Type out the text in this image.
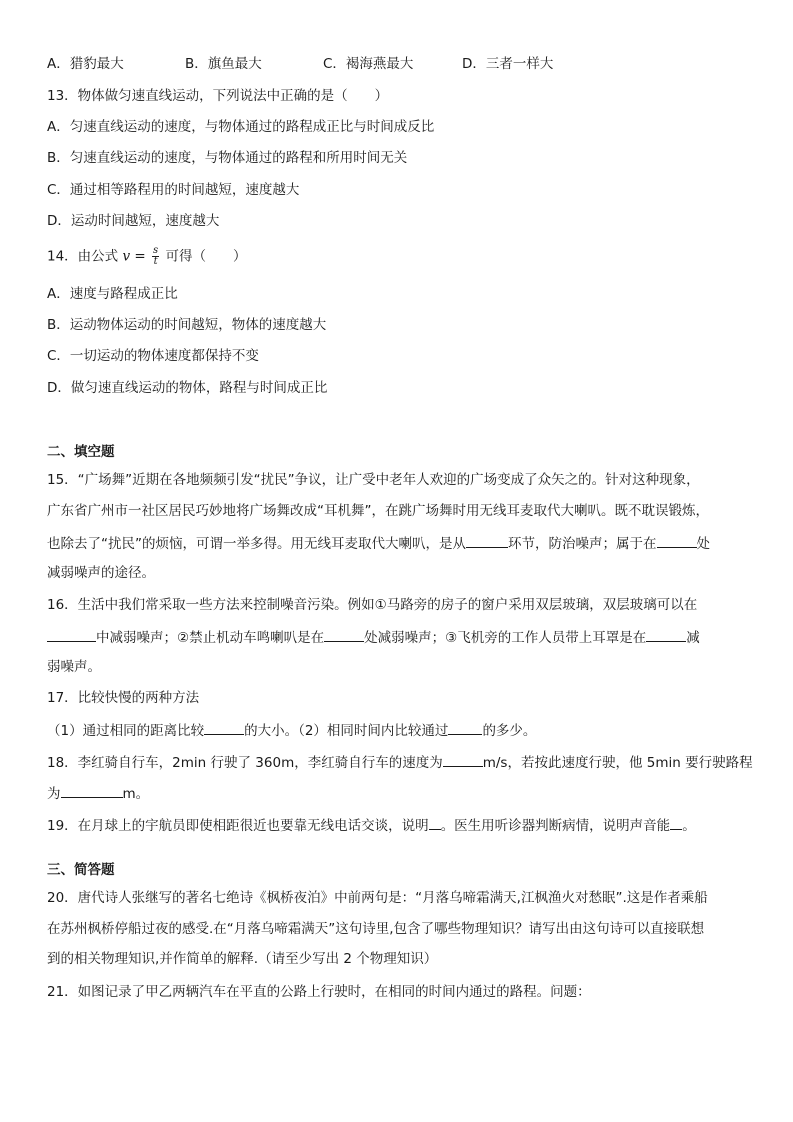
A．猎豹最大	B．旗鱼最大	C．褐海燕最大	D．三者一样大
13．物体做匀速直线运动，下列说法中正确的是（　　）
A．匀速直线运动的速度，与物体通过的路程成正比与时间成反比
B．匀速直线运动的速度，与物体通过的路程和所用时间无关
C．通过相等路程用的时间越短，速度越大
D．运动时间越短，速度越大
14．由公式 $v = \frac{s}{t}$ 可得（　　）
A．速度与路程成正比
B．运动物体运动的时间越短，物体的速度越大
C．一切运动的物体速度都保持不变
D．做匀速直线运动的物体，路程与时间成正比
二、填空题
15．“广场舞”近期在各地频频引发“扰民”争议，让广受中老年人欢迎的广场变成了众矢之的。针对这种现象，
广东省广州市一社区居民巧妙地将广场舞改成“耳机舞”，在跳广场舞时用无线耳麦取代大喇叭。既不耽误锻炼，
也除去了“扰民”的烦恼，可谓一举多得。用无线耳麦取代大喇叭，是从	环节，防治噪声；属于在	处
减弱噪声的途径。
16．生活中我们常采取一些方法来控制噪音污染。例如①马路旁的房子的窗户采用双层玻璃，双层玻璃可以在
中减弱噪声；②禁止机动车鸣喇叭是在	处减弱噪声；③飞机旁的工作人员带上耳罩是在	减
弱噪声。
17．比较快慢的两种方法
（1）通过相同的距离比较	的大小。（2）相同时间内比较通过	的多少。
18．李红骑自行车，2min 行驶了 360m，李红骑自行车的速度为	m/s，若按此速度行驶，他 5min 要行驶路程
为	m。
19．在月球上的宇航员即使相距很近也要靠无线电话交谈，说明 。医生用听诊器判断病情，说明声音能 。
三、简答题
20．唐代诗人张继写的著名七绝诗《枫桥夜泊》中前两句是：“月落乌啼霜满天,江枫渔火对愁眠”.这是作者乘船
在苏州枫桥停船过夜的感受.在“月落乌啼霜满天”这句诗里,包含了哪些物理知识？请写出由这句诗可以直接联想
到的相关物理知识,并作简单的解释.（请至少写出 2 个物理知识）
21．如图记录了甲乙两辆汽车在平直的公路上行驶时，在相同的时间内通过的路程。问题：
